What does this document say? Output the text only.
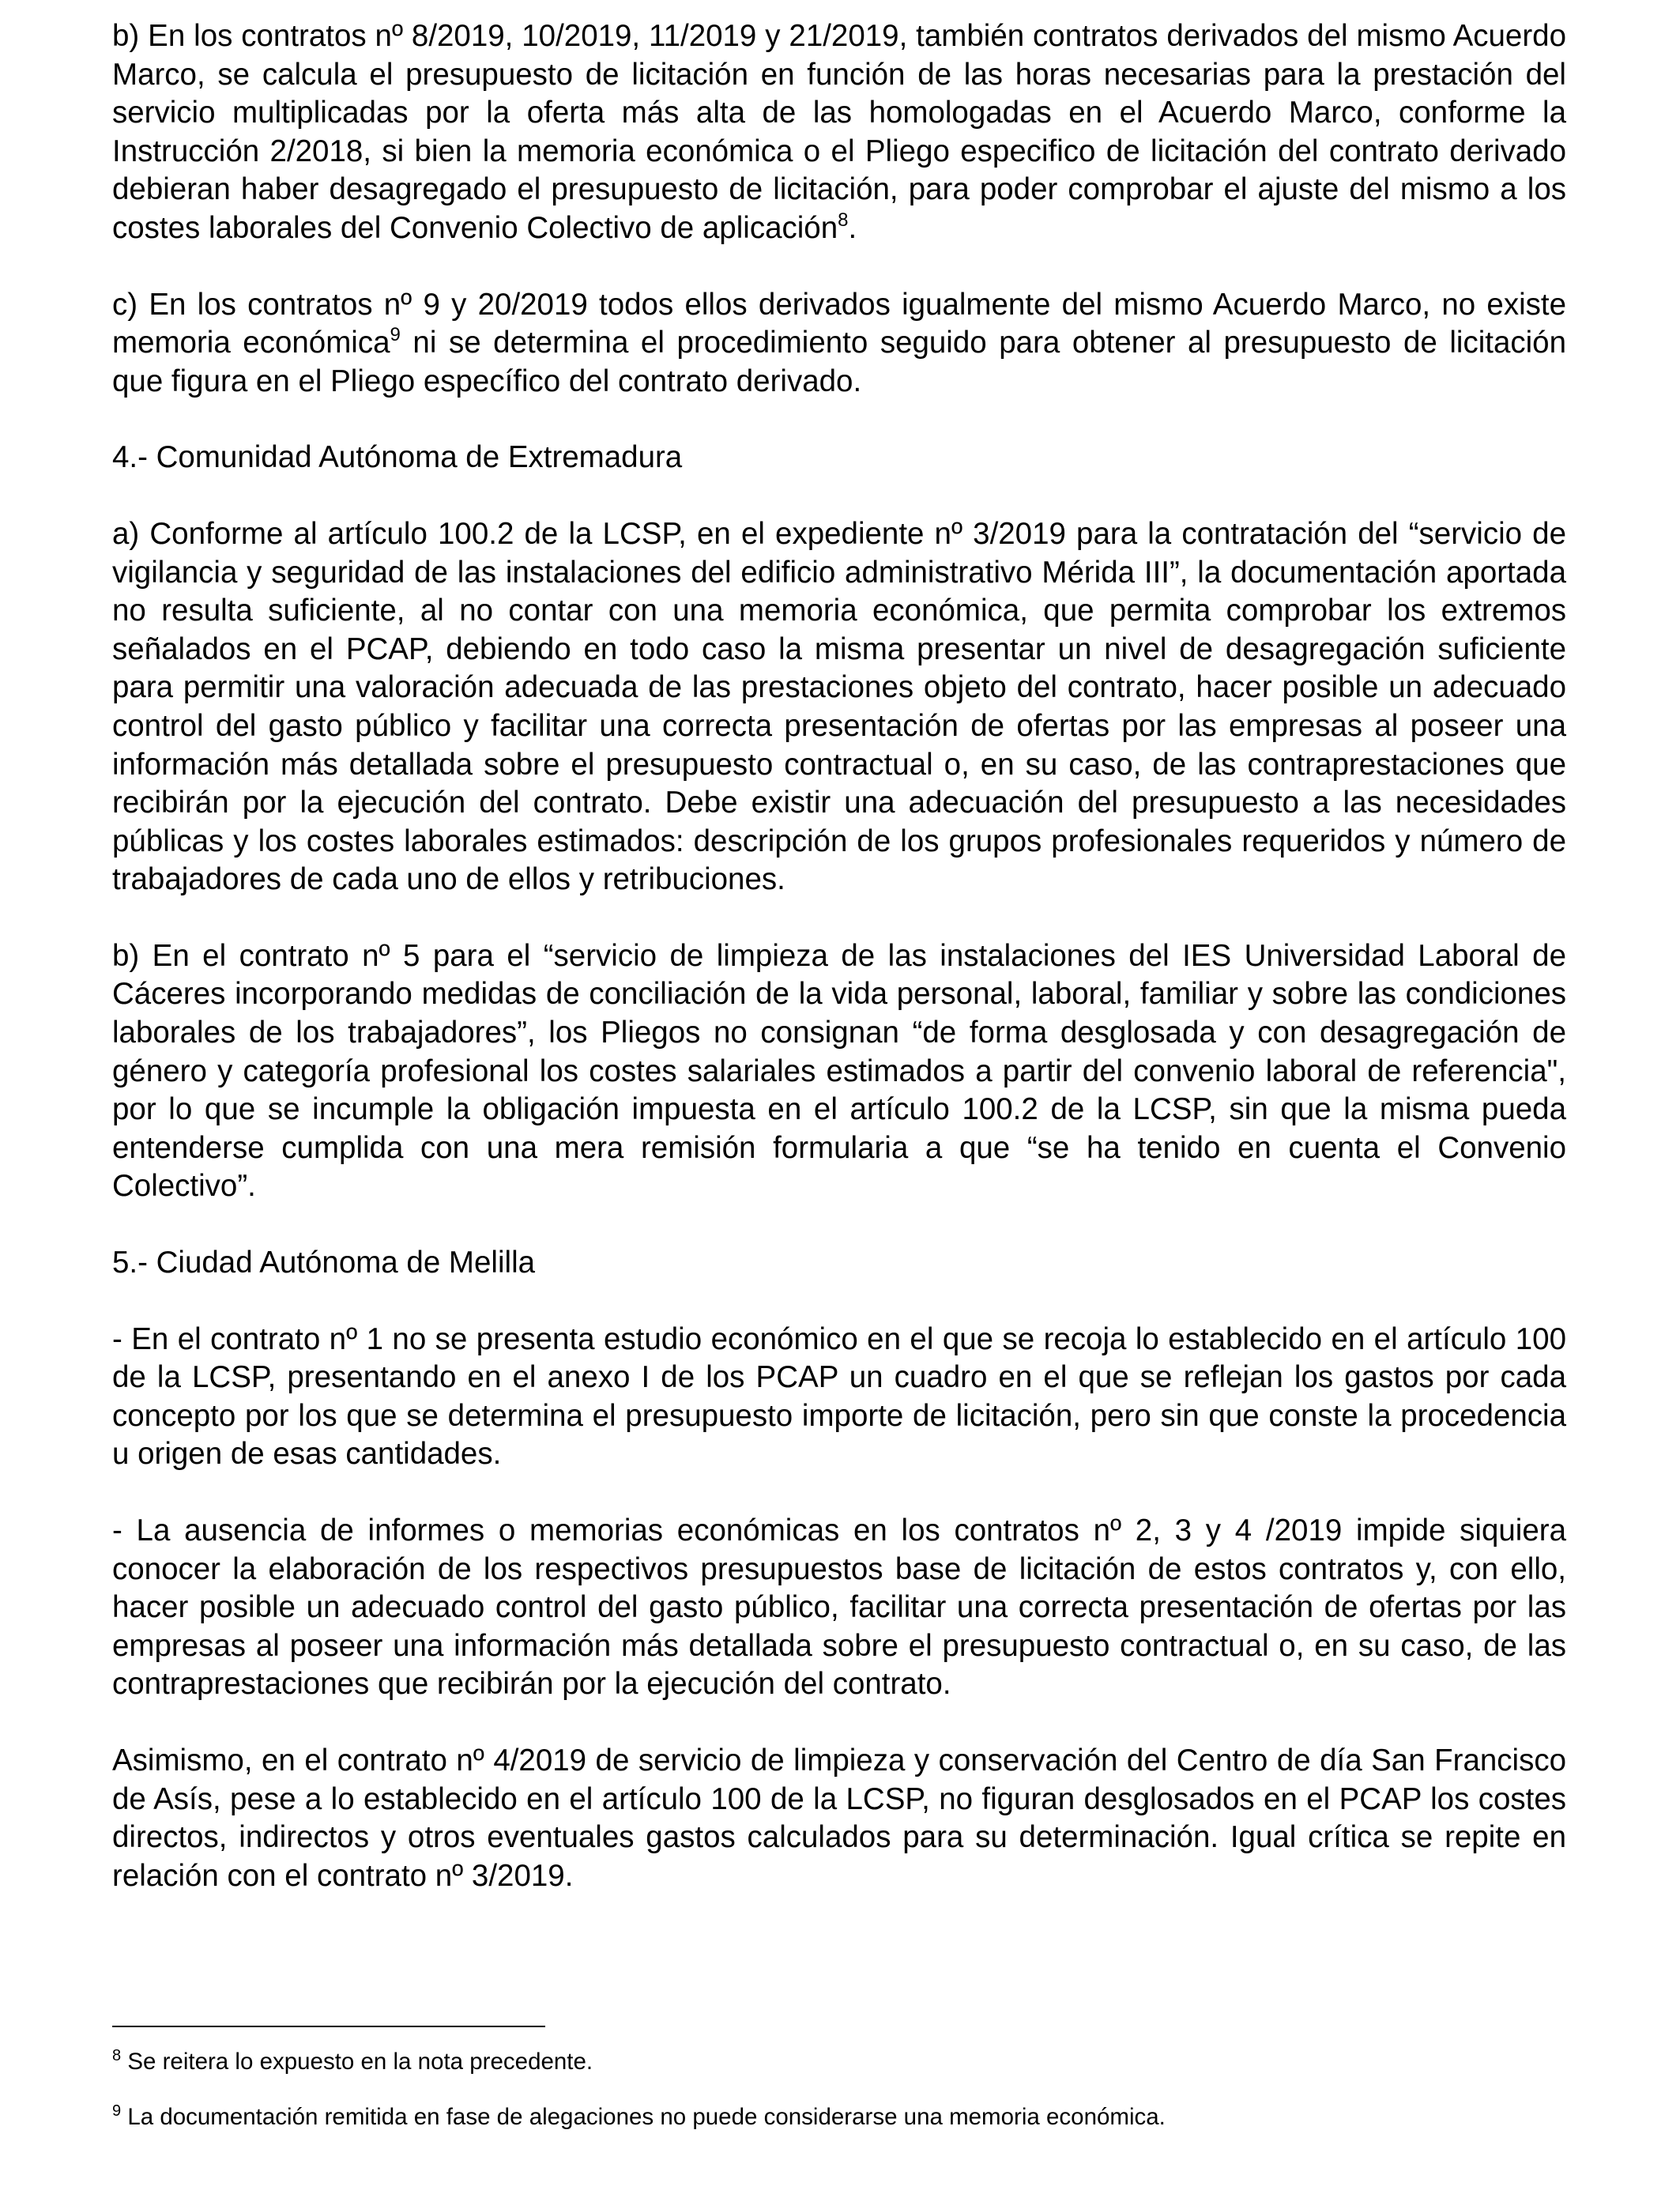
b) En los contratos nº 8/2019, 10/2019, 11/2019 y 21/2019, también contratos derivados del mismo Acuerdo Marco, se calcula el presupuesto de licitación en función de las horas necesarias para la prestación del servicio multiplicadas por la oferta más alta de las homologadas en el Acuerdo Marco, conforme la Instrucción 2/2018, si bien la memoria económica o el Pliego especifico de licitación del contrato derivado debieran haber desagregado el presupuesto de licitación, para poder comprobar el ajuste del mismo a los costes laborales del Convenio Colectivo de aplicación$^8$.

c) En los contratos nº 9 y 20/2019 todos ellos derivados igualmente del mismo Acuerdo Marco, no existe memoria económica$^9$ ni se determina el procedimiento seguido para obtener al presupuesto de licitación que figura en el Pliego específico del contrato derivado.

4.- Comunidad Autónoma de Extremadura

a) Conforme al artículo 100.2 de la LCSP, en el expediente nº 3/2019 para la contratación del “servicio de vigilancia y seguridad de las instalaciones del edificio administrativo Mérida III”, la documentación aportada no resulta suficiente, al no contar con una memoria económica, que permita comprobar los extremos señalados en el PCAP, debiendo en todo caso la misma presentar un nivel de desagregación suficiente para permitir una valoración adecuada de las prestaciones objeto del contrato, hacer posible un adecuado control del gasto público y facilitar una correcta presentación de ofertas por las empresas al poseer una información más detallada sobre el presupuesto contractual o, en su caso, de las contraprestaciones que recibirán por la ejecución del contrato. Debe existir una adecuación del presupuesto a las necesidades públicas y los costes laborales estimados: descripción de los grupos profesionales requeridos y número de trabajadores de cada uno de ellos y retribuciones.

b) En el contrato nº 5 para el “servicio de limpieza de las instalaciones del IES Universidad Laboral de Cáceres incorporando medidas de conciliación de la vida personal, laboral, familiar y sobre las condiciones laborales de los trabajadores”, los Pliegos no consignan “de forma desglosada y con desagregación de género y categoría profesional los costes salariales estimados a partir del convenio laboral de referencia", por lo que se incumple la obligación impuesta en el artículo 100.2 de la LCSP, sin que la misma pueda entenderse cumplida con una mera remisión formularia a que “se ha tenido en cuenta el Convenio Colectivo”.

5.- Ciudad Autónoma de Melilla

- En el contrato nº 1 no se presenta estudio económico en el que se recoja lo establecido en el artículo 100 de la LCSP, presentando en el anexo I de los PCAP un cuadro en el que se reflejan los gastos por cada concepto por los que se determina el presupuesto importe de licitación, pero sin que conste la procedencia u origen de esas cantidades.

- La ausencia de informes o memorias económicas en los contratos nº 2, 3 y 4 /2019 impide siquiera conocer la elaboración de los respectivos presupuestos base de licitación de estos contratos y, con ello, hacer posible un adecuado control del gasto público, facilitar una correcta presentación de ofertas por las empresas al poseer una información más detallada sobre el presupuesto contractual o, en su caso, de las contraprestaciones que recibirán por la ejecución del contrato.

Asimismo, en el contrato nº 4/2019 de servicio de limpieza y conservación del Centro de día San Francisco de Asís, pese a lo establecido en el artículo 100 de la LCSP, no figuran desglosados en el PCAP los costes directos, indirectos y otros eventuales gastos calculados para su determinación. Igual crítica se repite en relación con el contrato nº 3/2019.

$^8$ Se reitera lo expuesto en la nota precedente.

$^9$ La documentación remitida en fase de alegaciones no puede considerarse una memoria económica.
